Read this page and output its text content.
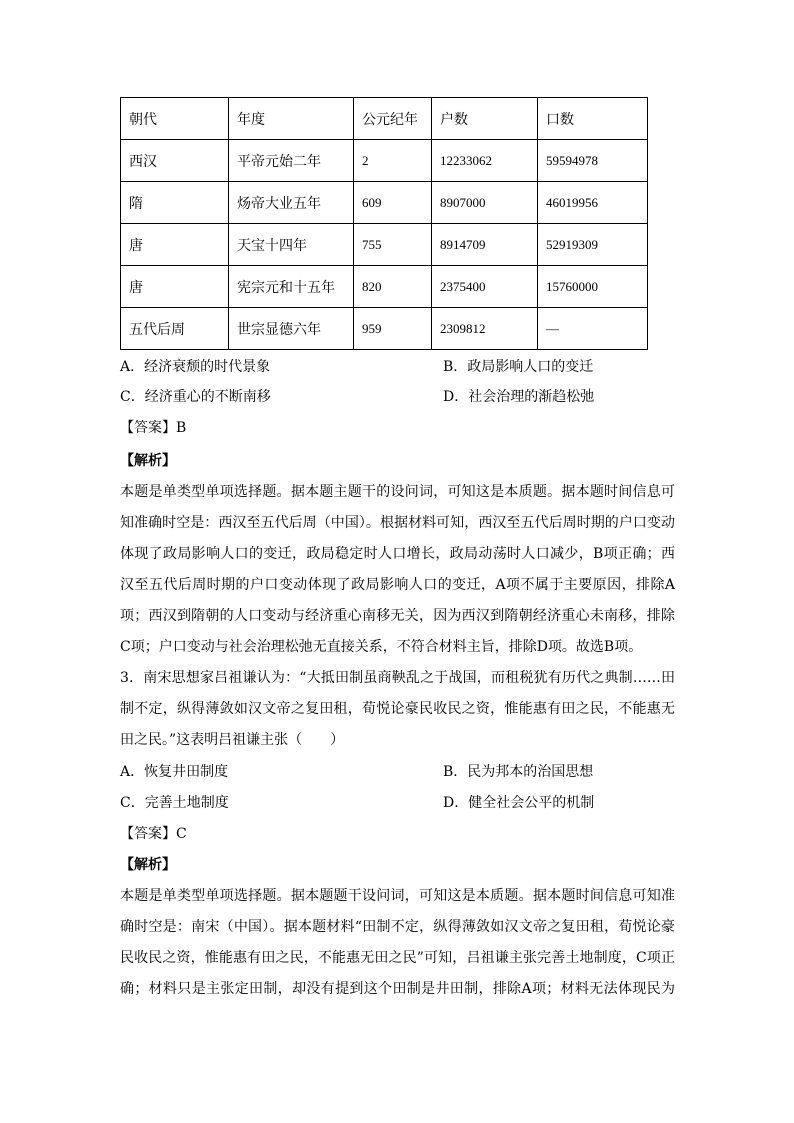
朝代	年度	公元纪年	户数	口数
西汉	平帝元始二年	2	12233062	59594978
隋	炀帝大业五年	609	8907000	46019956
唐	天宝十四年	755	8914709	52919309
唐	宪宗元和十五年	820	2375400	15760000
五代后周	世宗显德六年	959	2309812	—
A．经济衰颓的时代景象	B．政局影响人口的变迁
C．经济重心的不断南移	D．社会治理的渐趋松弛
【答案】B
【解析】
本题是单类型单项选择题。据本题主题干的设问词，可知这是本质题。据本题时间信息可
知准确时空是：西汉至五代后周（中国）。根据材料可知，西汉至五代后周时期的户口变动
体现了政局影响人口的变迁，政局稳定时人口增长，政局动荡时人口减少，B项正确；西
汉至五代后周时期的户口变动体现了政局影响人口的变迁，A项不属于主要原因，排除A
项；西汉到隋朝的人口变动与经济重心南移无关，因为西汉到隋朝经济重心未南移，排除
C项；户口变动与社会治理松弛无直接关系，不符合材料主旨，排除D项。故选B项。
3．南宋思想家吕祖谦认为：“大抵田制虽商鞅乱之于战国，而租税犹有历代之典制……田
制不定，纵得薄敛如汉文帝之复田租，荀悦论豪民收民之资，惟能惠有田之民，不能惠无
田之民。”这表明吕祖谦主张（　　）
A．恢复井田制度	B．民为邦本的治国思想
C．完善土地制度	D．健全社会公平的机制
【答案】C
【解析】
本题是单类型单项选择题。据本题题干设问词，可知这是本质题。据本题时间信息可知准
确时空是：南宋（中国）。据本题材料“田制不定，纵得薄敛如汉文帝之复田租，荀悦论豪
民收民之资，惟能惠有田之民，不能惠无田之民”可知，吕祖谦主张完善土地制度，C项正
确；材料只是主张定田制，却没有提到这个田制是井田制，排除A项；材料无法体现民为
